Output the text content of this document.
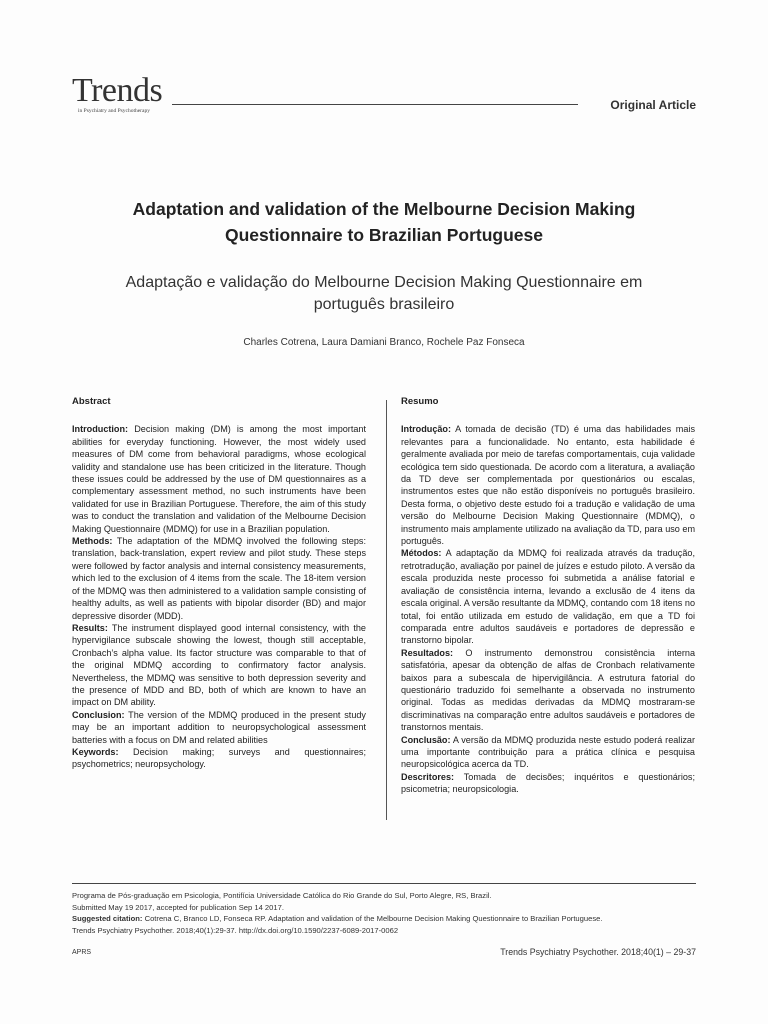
Trends
in Psychiatry and Psychotherapy	Original Article
Adaptation and validation of the Melbourne Decision Making
Questionnaire to Brazilian Portuguese
Adaptação e validação do Melbourne Decision Making Questionnaire em
português brasileiro
Charles Cotrena, Laura Damiani Branco, Rochele Paz Fonseca
Abstract

Introduction: Decision making (DM) is among the most important abilities for everyday functioning. However, the most widely used measures of DM come from behavioral paradigms, whose ecological validity and standalone use has been criticized in the literature. Though these issues could be addressed by the use of DM questionnaires as a complementary assessment method, no such instruments have been validated for use in Brazilian Portuguese. Therefore, the aim of this study was to conduct the translation and validation of the Melbourne Decision Making Questionnaire (MDMQ) for use in a Brazilian population.

Methods: The adaptation of the MDMQ involved the following steps: translation, back-translation, expert review and pilot study. These steps were followed by factor analysis and internal consistency measurements, which led to the exclusion of 4 items from the scale. The 18-item version of the MDMQ was then administered to a validation sample consisting of healthy adults, as well as patients with bipolar disorder (BD) and major depressive disorder (MDD).

Results: The instrument displayed good internal consistency, with the hypervigilance subscale showing the lowest, though still acceptable, Cronbach’s alpha value. Its factor structure was comparable to that of the original MDMQ according to confirmatory factor analysis. Nevertheless, the MDMQ was sensitive to both depression severity and the presence of MDD and BD, both of which are known to have an impact on DM ability.

Conclusion: The version of the MDMQ produced in the present study may be an important addition to neuropsychological assessment batteries with a focus on DM and related abilities

Keywords: Decision making; surveys and questionnaires; psychometrics; neuropsychology.

Resumo

Introdução: A tomada de decisão (TD) é uma das habilidades mais relevantes para a funcionalidade. No entanto, esta habilidade é geralmente avaliada por meio de tarefas comportamentais, cuja validade ecológica tem sido questionada. De acordo com a literatura, a avaliação da TD deve ser complementada por questionários ou escalas, instrumentos estes que não estão disponíveis no português brasileiro. Desta forma, o objetivo deste estudo foi a tradução e validação de uma versão do Melbourne Decision Making Questionnaire (MDMQ), o instrumento mais amplamente utilizado na avaliação da TD, para uso em português.

Métodos: A adaptação da MDMQ foi realizada através da tradução, retrotradução, avaliação por painel de juízes e estudo piloto. A versão da escala produzida neste processo foi submetida a análise fatorial e avaliação de consistência interna, levando a exclusão de 4 itens da escala original. A versão resultante da MDMQ, contando com 18 itens no total, foi então utilizada em estudo de validação, em que a TD foi comparada entre adultos saudáveis e portadores de depressão e transtorno bipolar.

Resultados: O instrumento demonstrou consistência interna satisfatória, apesar da obtenção de alfas de Cronbach relativamente baixos para a subescala de hipervigilância. A estrutura fatorial do questionário traduzido foi semelhante a observada no instrumento original. Todas as medidas derivadas da MDMQ mostraram-se discriminativas na comparação entre adultos saudáveis e portadores de transtornos mentais.

Conclusão: A versão da MDMQ produzida neste estudo poderá realizar uma importante contribuição para a prática clínica e pesquisa neuropsicológica acerca da TD.

Descritores: Tomada de decisões; inquéritos e questionários; psicometria; neuropsicologia.

Programa de Pós-graduação em Psicologia, Pontifícia Universidade Católica do Rio Grande do Sul, Porto Alegre, RS, Brazil.

Submitted May 19 2017, accepted for publication Sep 14 2017.

Suggested citation: Cotrena C, Branco LD, Fonseca RP. Adaptation and validation of the Melbourne Decision Making Questionnaire to Brazilian Portuguese.

Trends Psychiatry Psychother. 2018;40(1):29-37. http://dx.doi.org/10.1590/2237-6089-2017-0062

APRS	Trends Psychiatry Psychother. 2018;40(1) – 29-37
